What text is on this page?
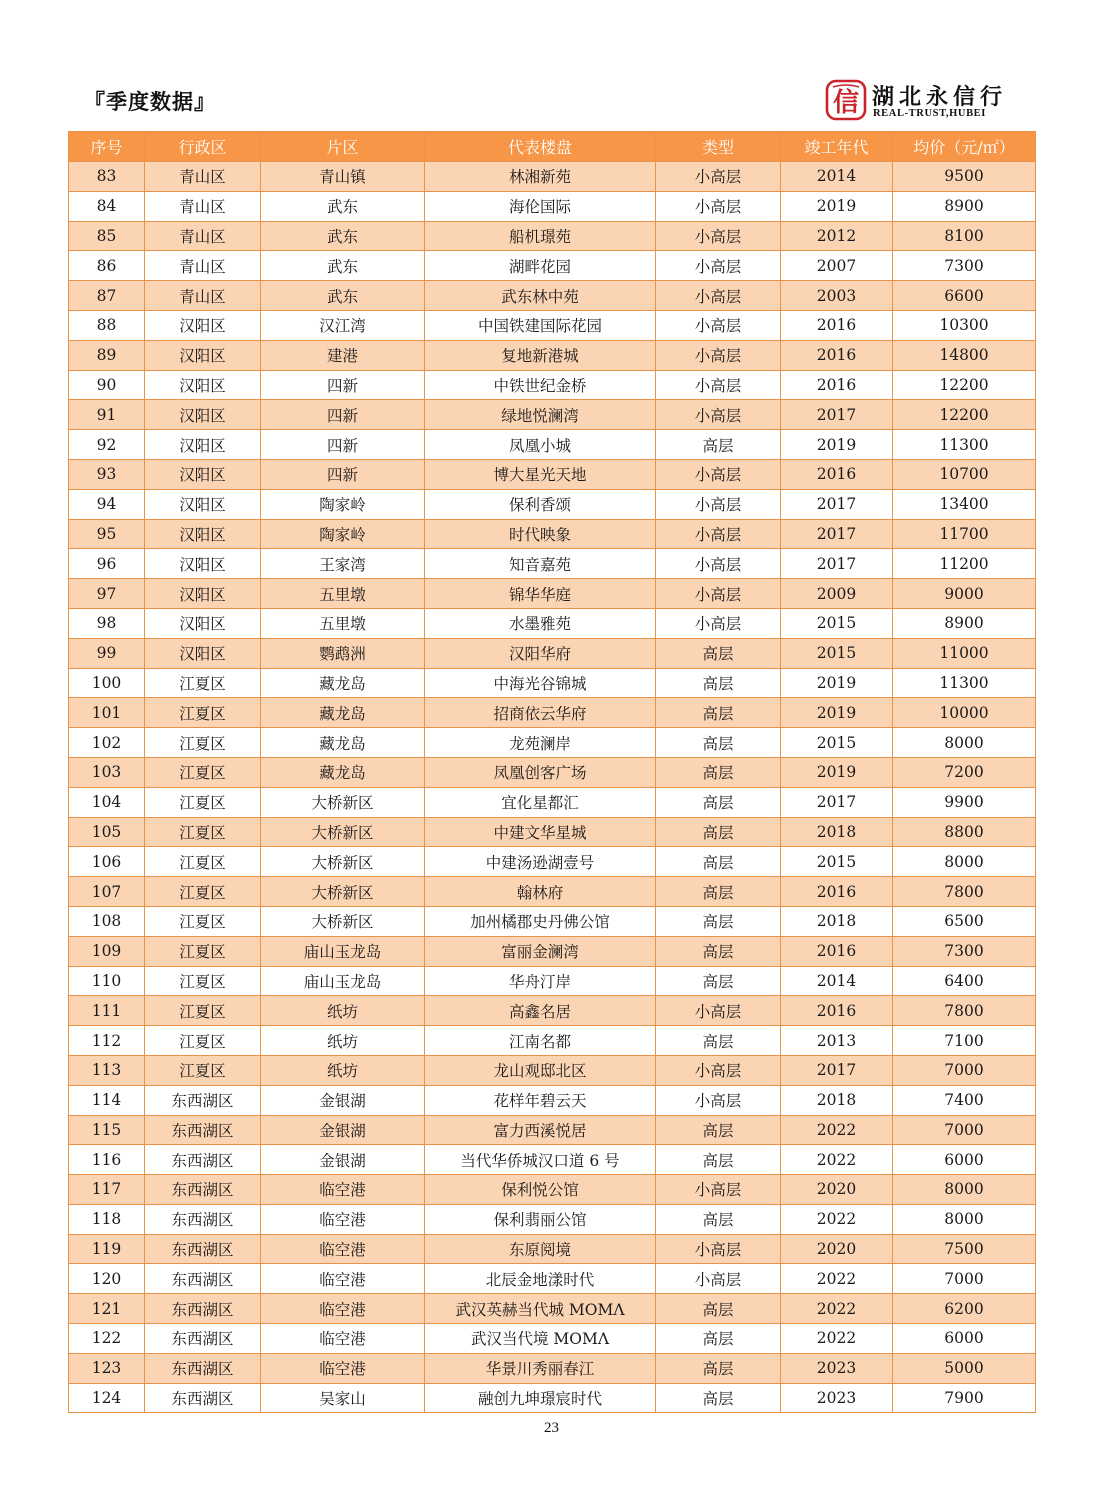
『季度数据』	信 湖北永信行
REAL-TRUST,HUBEI
序号	行政区	片区	代表楼盘	类型	竣工年代	均价（元/㎡）
83	青山区	青山镇	林湘新苑	小高层	2014	9500
84	青山区	武东	海伦国际	小高层	2019	8900
85	青山区	武东	船机璟苑	小高层	2012	8100
86	青山区	武东	湖畔花园	小高层	2007	7300
87	青山区	武东	武东林中苑	小高层	2003	6600
88	汉阳区	汉江湾	中国铁建国际花园	小高层	2016	10300
89	汉阳区	建港	复地新港城	小高层	2016	14800
90	汉阳区	四新	中铁世纪金桥	小高层	2016	12200
91	汉阳区	四新	绿地悦澜湾	小高层	2017	12200
92	汉阳区	四新	凤凰小城	高层	2019	11300
93	汉阳区	四新	博大星光天地	小高层	2016	10700
94	汉阳区	陶家岭	保利香颂	小高层	2017	13400
95	汉阳区	陶家岭	时代映象	小高层	2017	11700
96	汉阳区	王家湾	知音嘉苑	小高层	2017	11200
97	汉阳区	五里墩	锦华华庭	小高层	2009	9000
98	汉阳区	五里墩	水墨雅苑	小高层	2015	8900
99	汉阳区	鹦鹉洲	汉阳华府	高层	2015	11000
100	江夏区	藏龙岛	中海光谷锦城	高层	2019	11300
101	江夏区	藏龙岛	招商依云华府	高层	2019	10000
102	江夏区	藏龙岛	龙苑澜岸	高层	2015	8000
103	江夏区	藏龙岛	凤凰创客广场	高层	2019	7200
104	江夏区	大桥新区	宜化星都汇	高层	2017	9900
105	江夏区	大桥新区	中建文华星城	高层	2018	8800
106	江夏区	大桥新区	中建汤逊湖壹号	高层	2015	8000
107	江夏区	大桥新区	翰林府	高层	2016	7800
108	江夏区	大桥新区	加州橘郡史丹佛公馆	高层	2018	6500
109	江夏区	庙山玉龙岛	富丽金澜湾	高层	2016	7300
110	江夏区	庙山玉龙岛	华舟汀岸	高层	2014	6400
111	江夏区	纸坊	高鑫名居	小高层	2016	7800
112	江夏区	纸坊	江南名都	高层	2013	7100
113	江夏区	纸坊	龙山观邸北区	小高层	2017	7000
114	东西湖区	金银湖	花样年碧云天	小高层	2018	7400
115	东西湖区	金银湖	富力西溪悦居	高层	2022	7000
116	东西湖区	金银湖	当代华侨城汉口道 6 号	高层	2022	6000
117	东西湖区	临空港	保利悦公馆	小高层	2020	8000
118	东西湖区	临空港	保利翡丽公馆	高层	2022	8000
119	东西湖区	临空港	东原阅境	小高层	2020	7500
120	东西湖区	临空港	北辰金地漾时代	小高层	2022	7000
121	东西湖区	临空港	武汉英赫当代城 MOMΛ	高层	2022	6200
122	东西湖区	临空港	武汉当代境 MOMΛ	高层	2022	6000
123	东西湖区	临空港	华景川秀丽春江	高层	2023	5000
124	东西湖区	吴家山	融创九坤璟宸时代	高层	2023	7900
23
